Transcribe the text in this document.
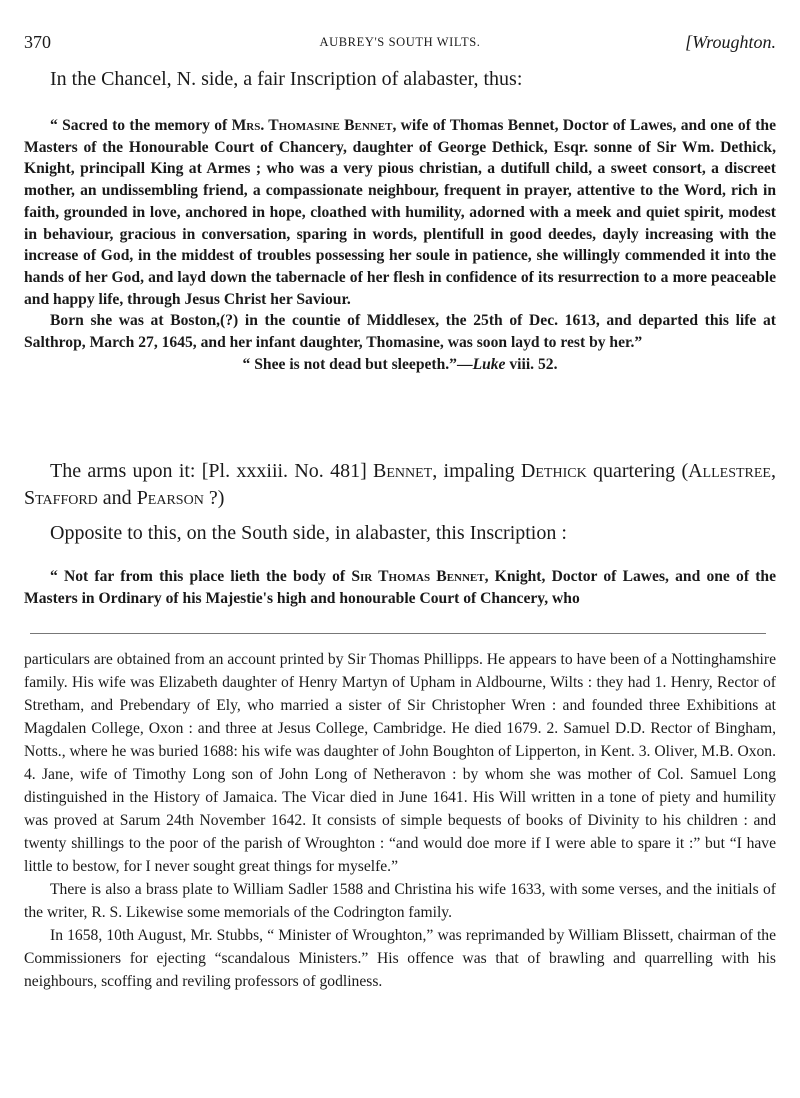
370	AUBREY'S SOUTH WILTS.	[Wroughton.

In the Chancel, N. side, a fair Inscription of alabaster, thus:

“ Sacred to the memory of Mrs. Thomasine Bennet, wife of Thomas Bennet, Doctor of Lawes, and one of the Masters of the Honourable Court of Chancery, daughter of George Dethick, Esqr. sonne of Sir Wm. Dethick, Knight, principall King at Armes ; who was a very pious christian, a dutifull child, a sweet consort, a discreet mother, an undissembling friend, a compassionate neighbour, frequent in prayer, attentive to the Word, rich in faith, grounded in love, anchored in hope, cloathed with humility, adorned with a meek and quiet spirit, modest in behaviour, gracious in conversation, sparing in words, plentifull in good deedes, dayly increasing with the increase of God, in the middest of troubles possessing her soule in patience, she willingly commended it into the hands of her God, and layd down the tabernacle of her flesh in confidence of its resurrection to a more peaceable and happy life, through Jesus Christ her Saviour.

Born she was at Boston,(?) in the countie of Middlesex, the 25th of Dec. 1613, and departed this life at Salthrop, March 27, 1645, and her infant daughter, Thomasine, was soon layd to rest by her.”

“ Shee is not dead but sleepeth.”—Luke viii. 52.

The arms upon it: [Pl. xxxiii. No. 481] Bennet, impaling Dethick quartering (Allestree, Stafford and Pearson ?)

Opposite to this, on the South side, in alabaster, this Inscription :

“ Not far from this place lieth the body of Sir Thomas Bennet, Knight, Doctor of Lawes, and one of the Masters in Ordinary of his Majestie's high and honourable Court of Chancery, who

particulars are obtained from an account printed by Sir Thomas Phillipps. He appears to have been of a Nottinghamshire family. His wife was Elizabeth daughter of Henry Martyn of Upham in Aldbourne, Wilts : they had 1. Henry, Rector of Stretham, and Prebendary of Ely, who married a sister of Sir Christopher Wren : and founded three Exhibitions at Magdalen College, Oxon : and three at Jesus College, Cambridge. He died 1679. 2. Samuel D.D. Rector of Bingham, Notts., where he was buried 1688: his wife was daughter of John Boughton of Lipperton, in Kent. 3. Oliver, M.B. Oxon. 4. Jane, wife of Timothy Long son of John Long of Netheravon : by whom she was mother of Col. Samuel Long distinguished in the History of Jamaica. The Vicar died in June 1641. His Will written in a tone of piety and humility was proved at Sarum 24th November 1642. It consists of simple bequests of books of Divinity to his children : and twenty shillings to the poor of the parish of Wroughton : “and would doe more if I were able to spare it :” but “I have little to bestow, for I never sought great things for myselfe.”

There is also a brass plate to William Sadler 1588 and Christina his wife 1633, with some verses, and the initials of the writer, R. S. Likewise some memorials of the Codrington family.

In 1658, 10th August, Mr. Stubbs, “ Minister of Wroughton,” was reprimanded by William Blissett, chairman of the Commissioners for ejecting “scandalous Ministers.” His offence was that of brawling and quarrelling with his neighbours, scoffing and reviling professors of godliness.
